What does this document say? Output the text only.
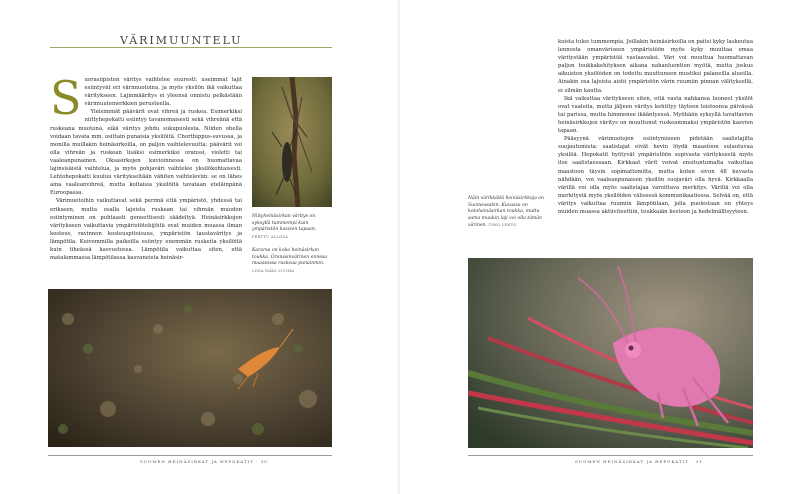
VÄRIMUUNTELU

Suorasiipisten väritys vaihtelee suuresti: useimmat lajit esiintyvät eri värimuotoina, ja myös yksilön ikä vaikuttaa väritykseen. Lajinmääritys ei yleensä onnistu pelkästään värimuutemerkkien perusteella.

Yleisimmät päävärit ovat vihreä ja ruskea. Esimerkiksi niittyhepokatti esiintyy tavanomaisesti sekä vihreänä että ruskeana muotona, eikä väritys johdu sukupuolesta. Niiden ohella voidaan tavata mm. osittain punaisia yksilöitä. Chorthippus-suvussa, ja monilla muillakin heinäsirkoilla, on paljon vaihtelevuutta: päävärit voi olla vihreän ja ruskean lisäksi esimerkiksi oranssi, violetti tai vaaleanpunainen. Oksasirkojen kuvioinnessa on huomattavaa lajinsisäistä vaihtelua, ja myös pohjaväri vaihtelee yksilökohtaisesti. Lehtohepokatti kuuluu väritykseltään vähiten vaihteleviin: se on lähes aina vaaleanvihreä, mutta koltaisia yksilöitä tavataan eteläinpänä Euroopassa.

Värimuotoihin vaikuttavat sekä perimä että ympäristö, yhdessä tai erikseen, mutta osalla lajeista ruskean tai vihreän muodon esiintyminen on puhtaasti geneettisesti säädeltyä. Heinäsirkkojen väritykseen vaikuttavia ympäristötekijöitä ovat muiden muassa ilman kosteus, ravinnon kosteuspitoisuus, ympäristön taustaväritys ja lämpötila. Kuivemmilla paikoilla esiintyy enemmän ruskeita yksilöitä kuin tiheässä kasvustossa. Lämpötila vaikuttaa siten, että matalammassa lämpötilassa kasvaneista heinäsir-

Niityheinäsirkan väritys on syksyllä tummempi kuin ympäristön kasvien tapaan. PERTTU ALLOSA
Kararsa on koko heinäsirkan toukka. Oranssinvärinen ennesa maassossa ruskeaa punainmin. LIISA MÄKI LUUMA
SUOMEN HEINÄSIRKAT JA HEPOKATIT · 30

koista tulee tummempia. Joillakin heinäsirkoilla on paitsi kyky laskeutua lennosta omanväriseen ympäristöön myös kyky muuttaa omaa väritystään ympäristöä vastaavaksi. Väri voi muuttua huomattavan paljon toukkakehityksen aikana nahanluontien myötä, mutta joskus aikuisten yksilöiden on todettu muuttuneen mustiksi palaneilla alueilla. Ainakin osa lajeista aistii ympäristön värin ruumiin pinnan välityksellä, ei silmän kautta.

Ikä vaikuttaa väritykseen siten, että vasta nahkansa luoneet yksilöt ovat vaaleita, mutta jäljeen väritys kehittyy täyteen loistoonsa päivässä tai parissa, mutta himmenee ikääntyessä. Myöhään syksyllä tavattavien heinäsirkkojen väritys on muuttunut ruskeammaksi ympäristön kasvien tapaan.

Pääsyynä värimuotojen esiintymiseen pidetään saalistajilta suojautumista: saalistajat eivät hevin löydä maastoon sulautuvaa yksilöä. Hepokatit hyötyvät ympäristöön sopivasta värityksestä myös itse saalistaessaan. Kirkkaat värit voivat ensituntumalta vaikuttaa maastoon täysin sopimattomilta, mutta kuten sivun 48 kuvasta nähdään, voi vaaleanpunaisen yksilön suojaväri olla hyvä. Kirkkaalla värillä voi olla myös saalistajaa varoittava merkitys. Värillä voi olla merkitystä myös yksilöiden välisessä kommunikaatiossa. Selvää on, että väritys vaikuttaa ruumiin lämpötilaan, jolla puolestaan on yhteys muiden muassa aktiiviteettiin, toukkaiän kestoon ja hedelmällisyyteen.

Näin värikkäitä heinäsirkkoja on Suomessakin. Kuvassa on kotoheinäsirkan toukka, mutta sama muukin laji voi olla tämän värinen. TIMO LEHTO
SUOMEN HEINÄSIRKAT JA HEPOKATIT · 31
